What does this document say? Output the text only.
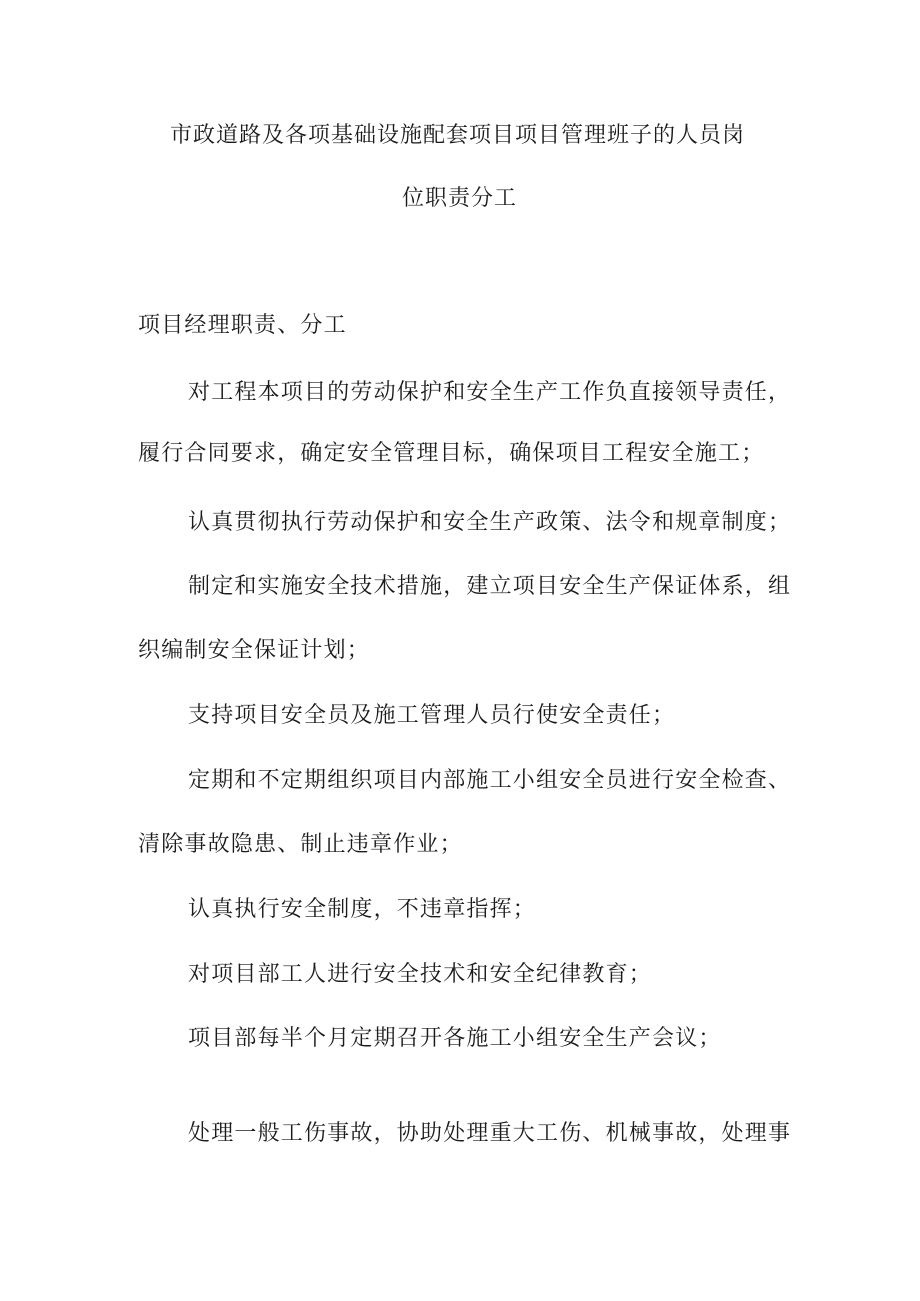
市政道路及各项基础设施配套项目项目管理班子的人员岗
位职责分工
项目经理职责、分工
对工程本项目的劳动保护和安全生产工作负直接领导责任，
履行合同要求，确定安全管理目标，确保项目工程安全施工；
认真贯彻执行劳动保护和安全生产政策、法令和规章制度；
制定和实施安全技术措施，建立项目安全生产保证体系，组
织编制安全保证计划；
支持项目安全员及施工管理人员行使安全责任；
定期和不定期组织项目内部施工小组安全员进行安全检查、
清除事故隐患、制止违章作业；
认真执行安全制度，不违章指挥；
对项目部工人进行安全技术和安全纪律教育；
项目部每半个月定期召开各施工小组安全生产会议；
处理一般工伤事故，协助处理重大工伤、机械事故，处理事
